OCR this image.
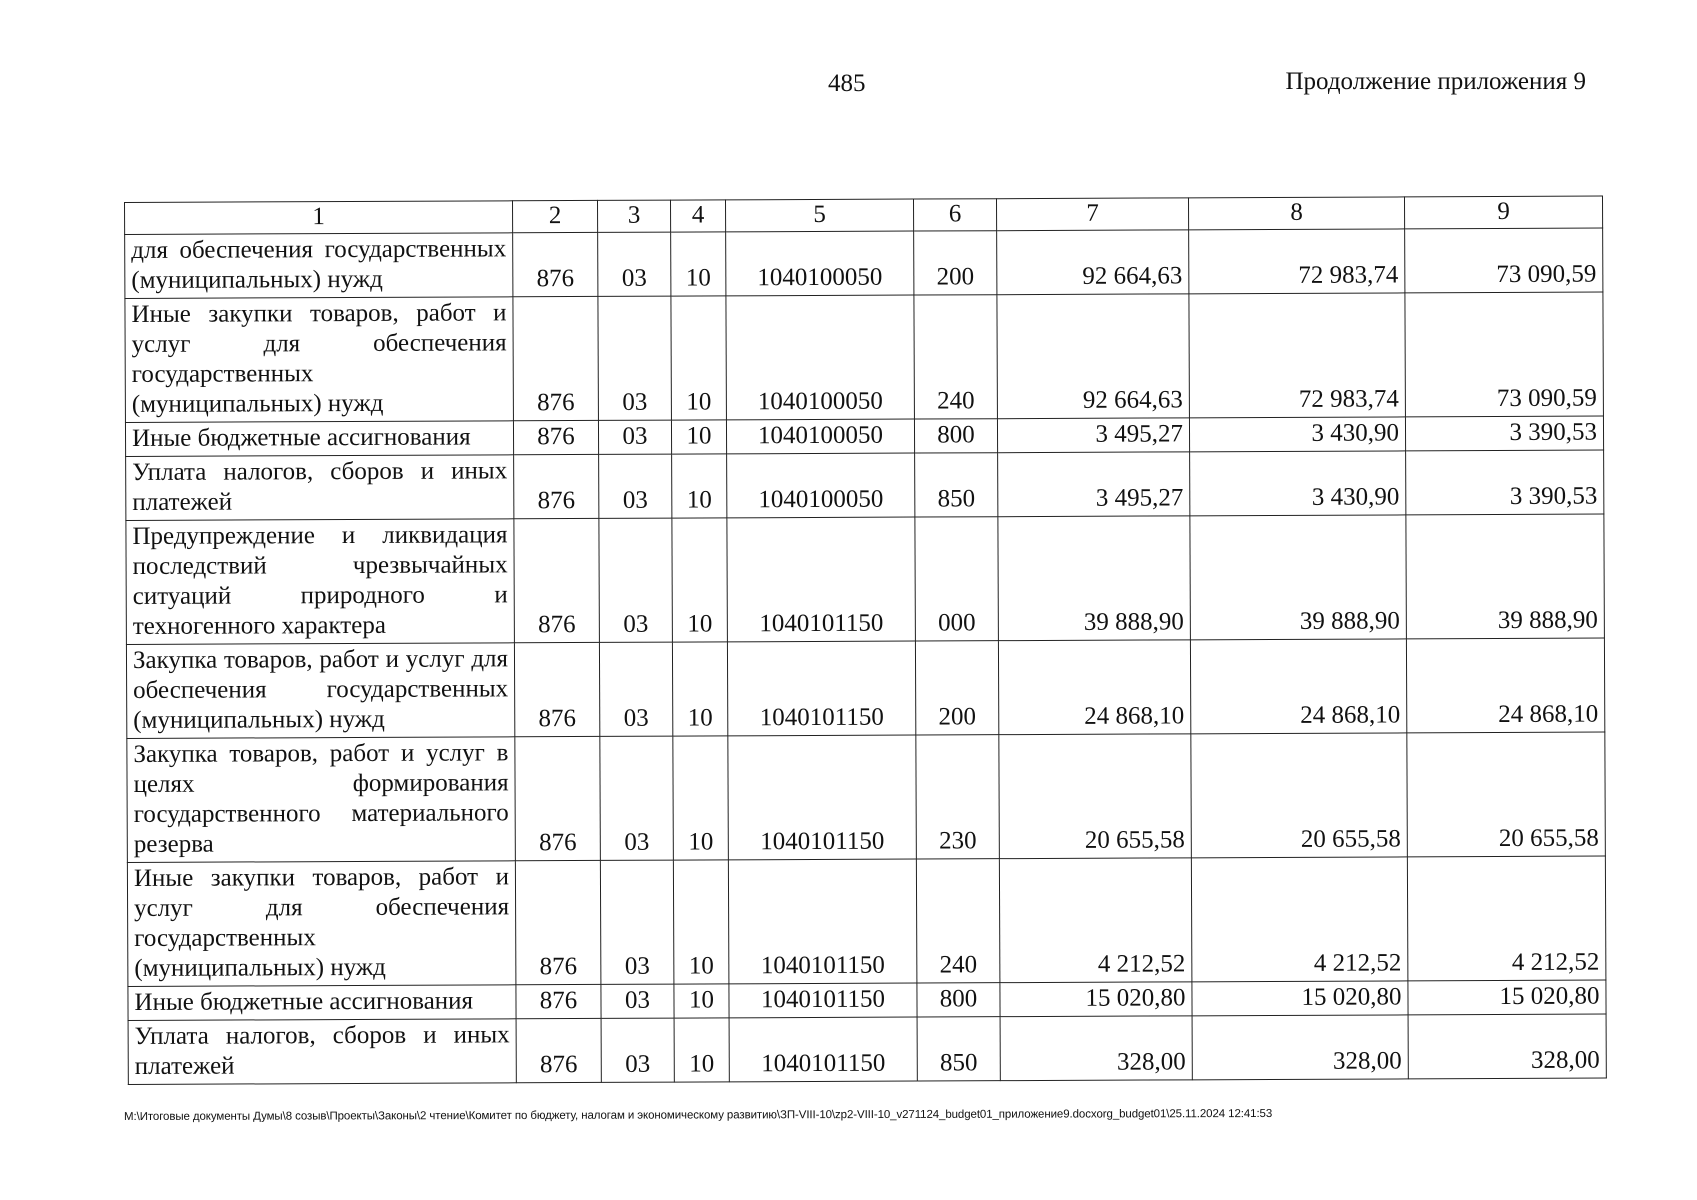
485	Продолжение приложения 9
1	2	3	4	5	6	7	8	9
для обеспечения государственных (муниципальных) нужд	876	03	10	1040100050	200	92 664,63	72 983,74	73 090,59
Иные закупки товаров, работ и услуг для обеспечения государственных (муниципальных) нужд	876	03	10	1040100050	240	92 664,63	72 983,74	73 090,59
Иные бюджетные ассигнования	876	03	10	1040100050	800	3 495,27	3 430,90	3 390,53
Уплата налогов, сборов и иных платежей	876	03	10	1040100050	850	3 495,27	3 430,90	3 390,53
Предупреждение и ликвидация последствий чрезвычайных ситуаций природного и техногенного характера	876	03	10	1040101150	000	39 888,90	39 888,90	39 888,90
Закупка товаров, работ и услуг для обеспечения государственных (муниципальных) нужд	876	03	10	1040101150	200	24 868,10	24 868,10	24 868,10
Закупка товаров, работ и услуг в целях формирования государственного материального резерва	876	03	10	1040101150	230	20 655,58	20 655,58	20 655,58
Иные закупки товаров, работ и услуг для обеспечения государственных (муниципальных) нужд	876	03	10	1040101150	240	4 212,52	4 212,52	4 212,52
Иные бюджетные ассигнования	876	03	10	1040101150	800	15 020,80	15 020,80	15 020,80
Уплата налогов, сборов и иных платежей	876	03	10	1040101150	850	328,00	328,00	328,00
М:\Итоговые документы Думы\8 созыв\Проекты\Законы\2 чтение\Комитет по бюджету, налогам и экономическому развитию\ЗП-VIII-10\zp2-VIII-10_v271124_budget01_приложение9.docxorg_budget01\25.11.2024 12:41:53
